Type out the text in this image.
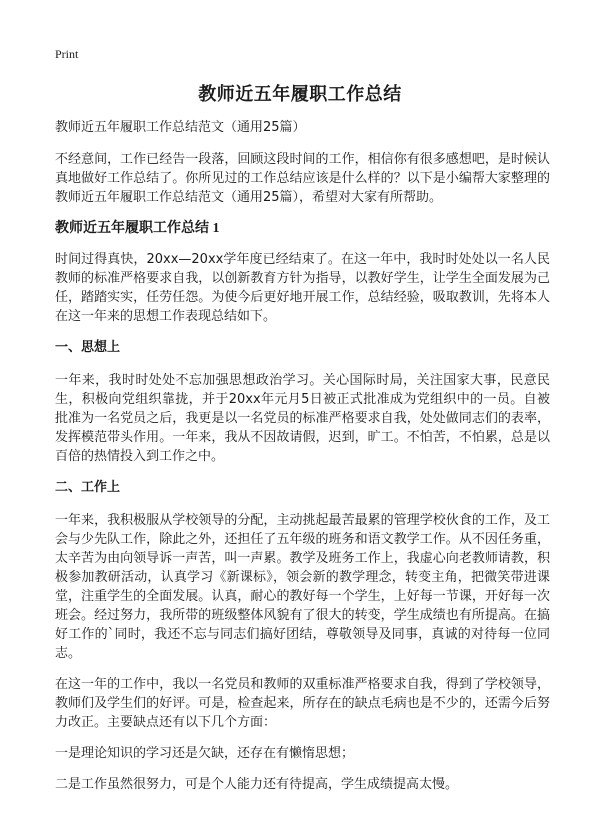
Print
教师近五年履职工作总结

教师近五年履职工作总结范文（通用25篇）

不经意间，工作已经告一段落，回顾这段时间的工作，相信你有很多感想吧，是时候认真地做好工作总结了。你所见过的工作总结应该是什么样的？以下是小编帮大家整理的教师近五年履职工作总结范文（通用25篇），希望对大家有所帮助。

教师近五年履职工作总结 1

时间过得真快，20xx—20xx学年度已经结束了。在这一年中，我时时处处以一名人民教师的标准严格要求自我，以创新教育方针为指导，以教好学生，让学生全面发展为己任，踏踏实实，任劳任怨。为使今后更好地开展工作，总结经验，吸取教训，先将本人在这一年来的思想工作表现总结如下。

一、思想上

一年来，我时时处处不忘加强思想政治学习。关心国际时局，关注国家大事，民意民生，积极向党组织靠拢，并于20xx年元月5日被正式批准成为党组织中的一员。自被批准为一名党员之后，我更是以一名党员的标准严格要求自我，处处做同志们的表率，发挥模范带头作用。一年来，我从不因故请假，迟到，旷工。不怕苦，不怕累，总是以百倍的热情投入到工作之中。

二、工作上

一年来，我积极服从学校领导的分配，主动挑起最苦最累的管理学校伙食的工作，及工会与少先队工作，除此之外，还担任了五年级的班务和语文教学工作。从不因任务重，太辛苦为由向领导诉一声苦，叫一声累。教学及班务工作上，我虚心向老教师请教，积极参加教研活动，认真学习《新课标》，领会新的教学理念，转变主角，把微笑带进课堂，注重学生的全面发展。认真，耐心的教好每一个学生，上好每一节课，开好每一次班会。经过努力，我所带的班级整体风貌有了很大的转变，学生成绩也有所提高。在搞好工作的`同时，我还不忘与同志们搞好团结，尊敬领导及同事，真诚的对待每一位同志。

在这一年的工作中，我以一名党员和教师的双重标准严格要求自我，得到了学校领导，教师们及学生们的好评。可是，检查起来，所存在的缺点毛病也是不少的，还需今后努力改正。主要缺点还有以下几个方面：

一是理论知识的学习还是欠缺，还存在有懒惰思想；

二是工作虽然很努力，可是个人能力还有待提高，学生成绩提高太慢。
